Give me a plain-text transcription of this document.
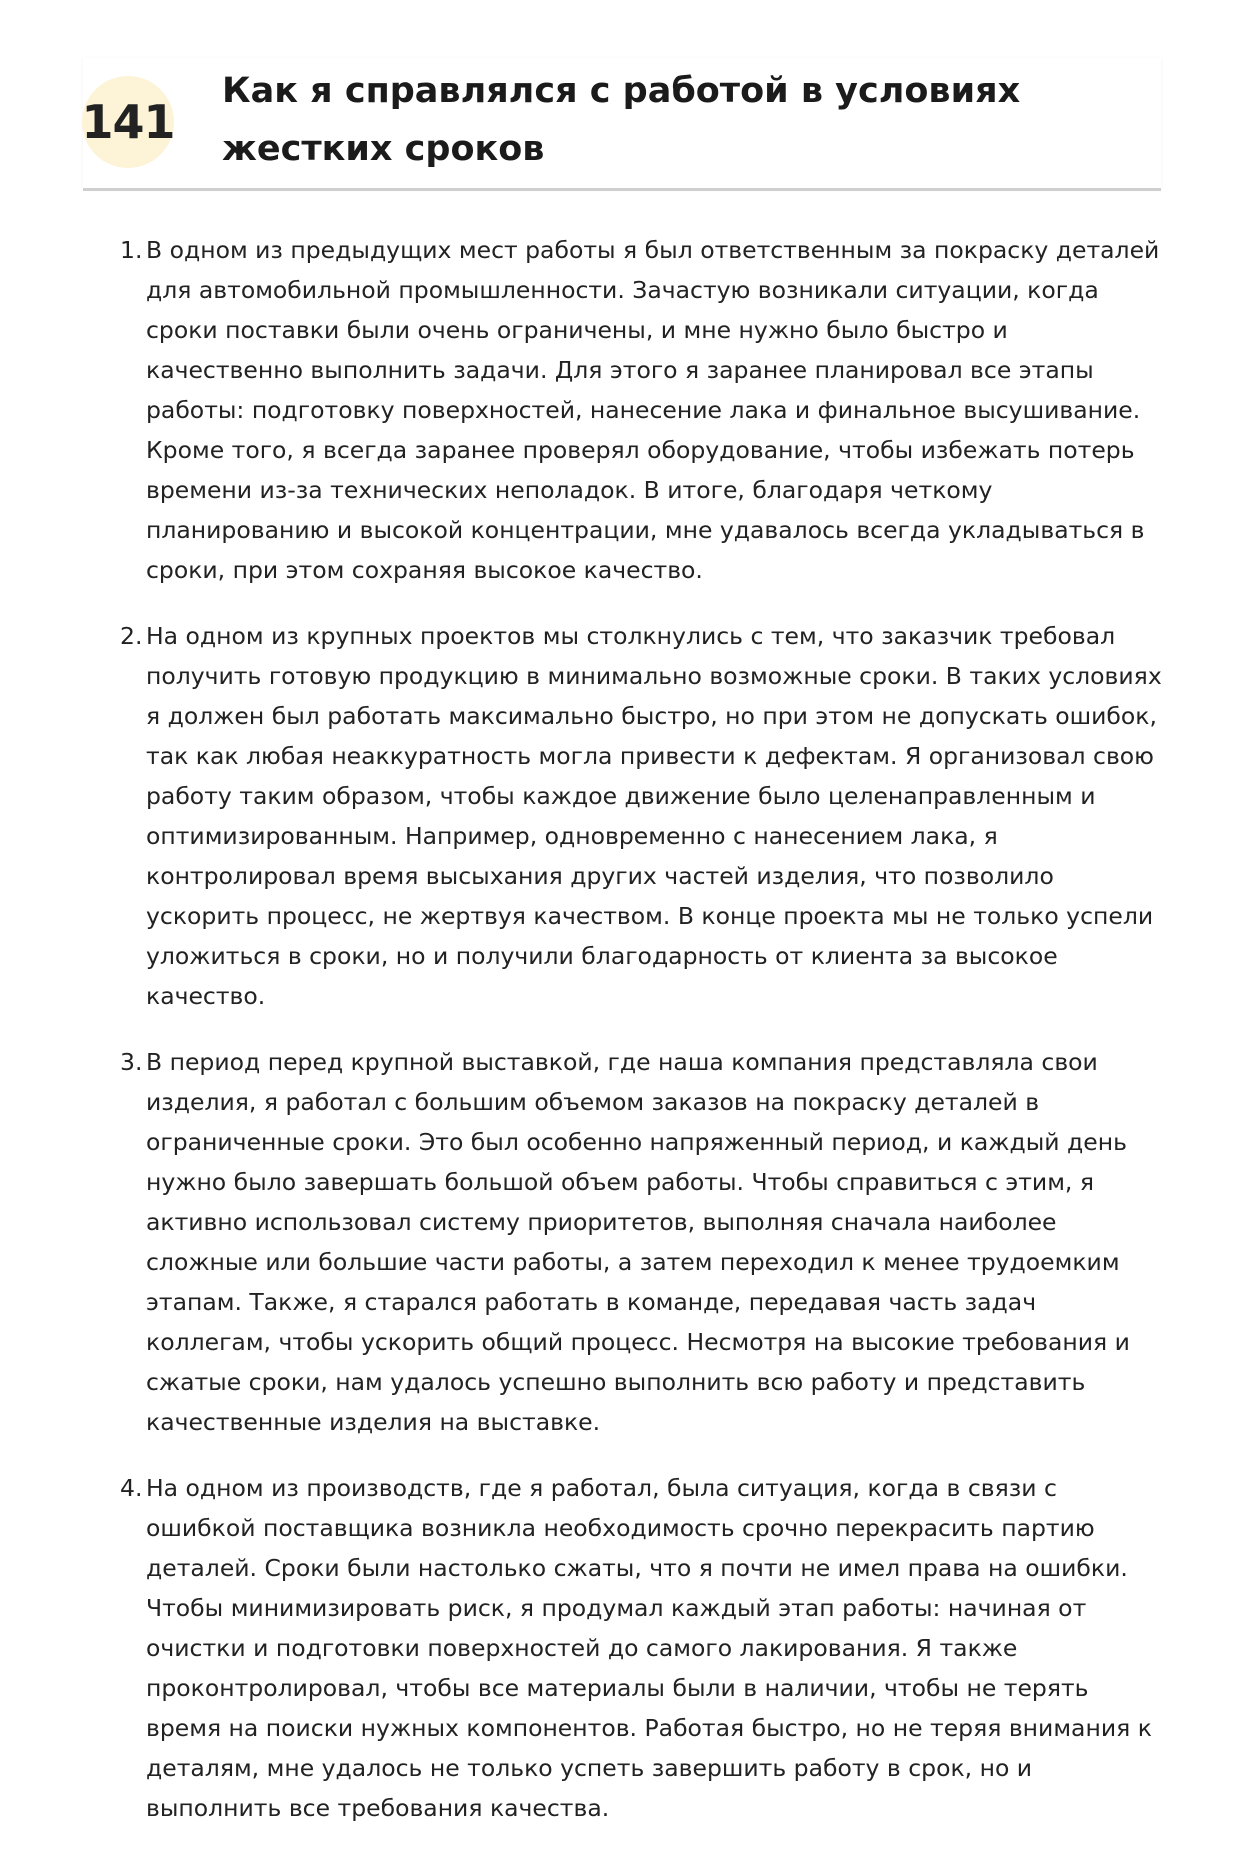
141
Как я справлялся с работой в условиях жестких сроков
1. В одном из предыдущих мест работы я был ответственным за покраску деталей для автомобильной промышленности. Зачастую возникали ситуации, когда сроки поставки были очень ограничены, и мне нужно было быстро и качественно выполнить задачи. Для этого я заранее планировал все этапы работы: подготовку поверхностей, нанесение лака и финальное высушивание. Кроме того, я всегда заранее проверял оборудование, чтобы избежать потерь времени из-за технических неполадок. В итоге, благодаря четкому планированию и высокой концентрации, мне удавалось всегда укладываться в сроки, при этом сохраняя высокое качество.
2. На одном из крупных проектов мы столкнулись с тем, что заказчик требовал получить готовую продукцию в минимально возможные сроки. В таких условиях я должен был работать максимально быстро, но при этом не допускать ошибок, так как любая неаккуратность могла привести к дефектам. Я организовал свою работу таким образом, чтобы каждое движение было целенаправленным и оптимизированным. Например, одновременно с нанесением лака, я контролировал время высыхания других частей изделия, что позволило ускорить процесс, не жертвуя качеством. В конце проекта мы не только успели уложиться в сроки, но и получили благодарность от клиента за высокое качество.
3. В период перед крупной выставкой, где наша компания представляла свои изделия, я работал с большим объемом заказов на покраску деталей в ограниченные сроки. Это был особенно напряженный период, и каждый день нужно было завершать большой объем работы. Чтобы справиться с этим, я активно использовал систему приоритетов, выполняя сначала наиболее сложные или большие части работы, а затем переходил к менее трудоемким этапам. Также, я старался работать в команде, передавая часть задач коллегам, чтобы ускорить общий процесс. Несмотря на высокие требования и сжатые сроки, нам удалось успешно выполнить всю работу и представить качественные изделия на выставке.
4. На одном из производств, где я работал, была ситуация, когда в связи с ошибкой поставщика возникла необходимость срочно перекрасить партию деталей. Сроки были настолько сжаты, что я почти не имел права на ошибки. Чтобы минимизировать риск, я продумал каждый этап работы: начиная от очистки и подготовки поверхностей до самого лакирования. Я также проконтролировал, чтобы все материалы были в наличии, чтобы не терять время на поиски нужных компонентов. Работая быстро, но не теряя внимания к деталям, мне удалось не только успеть завершить работу в срок, но и выполнить все требования качества.
